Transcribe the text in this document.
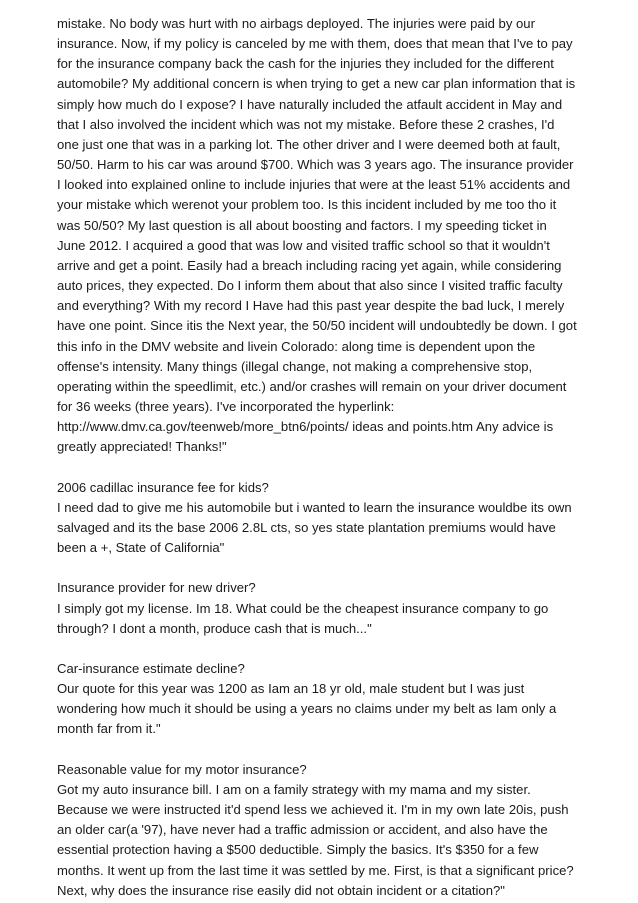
mistake. No body was hurt with no airbags deployed. The injuries were paid by our insurance. Now, if my policy is canceled by me with them, does that mean that I've to pay for the insurance company back the cash for the injuries they included for the different automobile? My additional concern is when trying to get a new car plan information that is simply how much do I expose? I have naturally included the atfault accident in May and that I also involved the incident which was not my mistake. Before these 2 crashes, I'd one just one that was in a parking lot. The other driver and I were deemed both at fault, 50/50. Harm to his car was around $700. Which was 3 years ago. The insurance provider I looked into explained online to include injuries that were at the least 51% accidents and your mistake which werenot your problem too. Is this incident included by me too tho it was 50/50? My last question is all about boosting and factors. I my speeding ticket in June 2012. I acquired a good that was low and visited traffic school so that it wouldn't arrive and get a point. Easily had a breach including racing yet again, while considering auto prices, they expected. Do I inform them about that also since I visited traffic faculty and everything? With my record I Have had this past year despite the bad luck, I merely have one point. Since itis the Next year, the 50/50 incident will undoubtedly be down. I got this info in the DMV website and livein Colorado: along time is dependent upon the offense's intensity. Many things (illegal change, not making a comprehensive stop, operating within the speedlimit, etc.) and/or crashes will remain on your driver document for 36 weeks (three years). I've incorporated the hyperlink: http://www.dmv.ca.gov/teenweb/more_btn6/points/ ideas and points.htm Any advice is greatly appreciated! Thanks!"

2006 cadillac insurance fee for kids?
I need dad to give me his automobile but i wanted to learn the insurance wouldbe its own salvaged and its the base 2006 2.8L cts, so yes state plantation premiums would have been a +, State of California"
Insurance provider for new driver?
I simply got my license. Im 18. What could be the cheapest insurance company to go through? I dont a month, produce cash that is much..."
Car-insurance estimate decline?
Our quote for this year was 1200 as Iam an 18 yr old, male student but I was just wondering how much it should be using a years no claims under my belt as Iam only a month far from it."
Reasonable value for my motor insurance?
Got my auto insurance bill. I am on a family strategy with my mama and my sister. Because we were instructed it'd spend less we achieved it. I'm in my own late 20is, push an older car(a '97), have never had a traffic admission or accident, and also have the essential protection having a $500 deductible. Simply the basics. It's $350 for a few months. It went up from the last time it was settled by me. First, is that a significant price? Next, why does the insurance rise easily did not obtain incident or a citation?"
